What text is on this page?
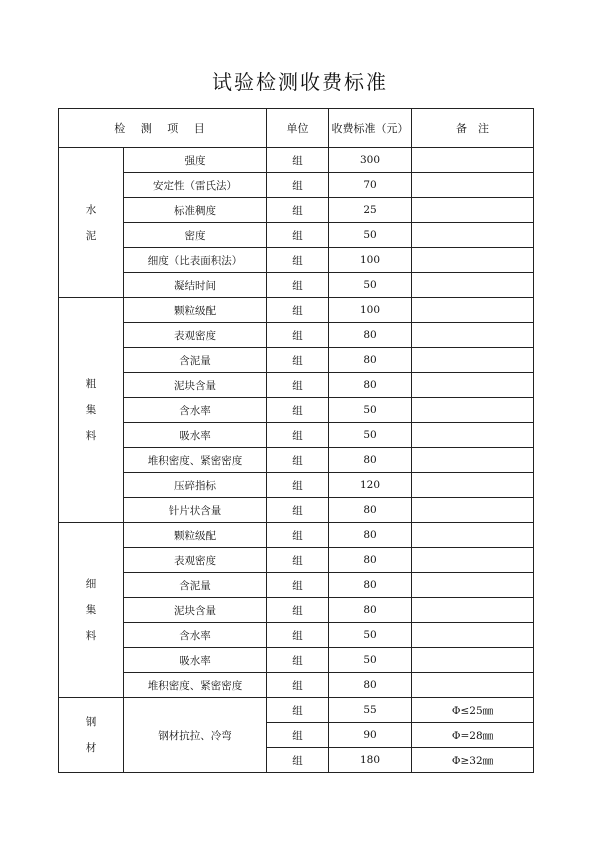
试验检测收费标准
检 测 项 目		单位	收费标准（元）	备　注

水
泥	强度	组	300	
	安定性（雷氏法）	组	70	
	标准稠度	组	25	
	密度	组	50	
	细度（比表面积法）	组	100	
	凝结时间	组	50	

粗
集
料	颗粒级配	组	100	
	表观密度	组	80	
	含泥量	组	80	
	泥块含量	组	80	
	含水率	组	50	
	吸水率	组	50	
	堆积密度、紧密密度	组	80	
	压碎指标	组	120	
	针片状含量	组	80	

细
集
料	颗粒级配	组	80	
	表观密度	组	80	
	含泥量	组	80	
	泥块含量	组	80	
	含水率	组	50	
	吸水率	组	50	
	堆积密度、紧密密度	组	80	

钢
材	钢材抗拉、冷弯	组	55	Φ≤25㎜
		组	90	Φ=28㎜
		组	180	Φ≥32㎜
